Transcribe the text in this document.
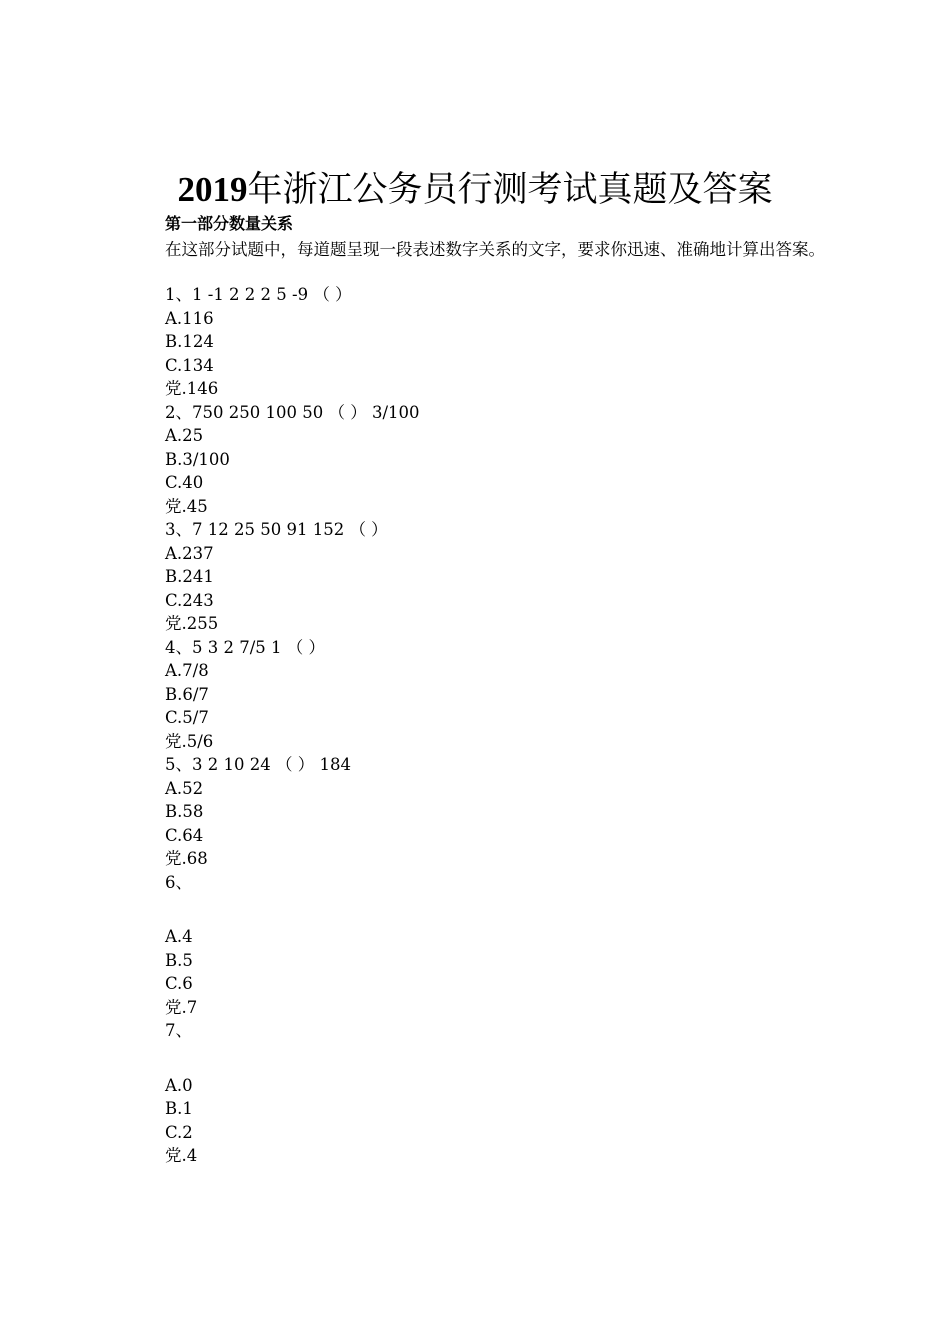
2019年浙江公务员行测考试真题及答案
第一部分数量关系
在这部分试题中，每道题呈现一段表述数字关系的文字，要求你迅速、准确地计算出答案。
1、1 -1 2 2 2 5 -9 （ ）
A.116
B.124
C.134
党.146
2、750 250 100 50 （ ） 3/100
A.25
B.3/100
C.40
党.45
3、7 12 25 50 91 152 （ ）
A.237
B.241
C.243
党.255
4、5 3 2 7/5 1 （ ）
A.7/8
B.6/7
C.5/7
党.5/6
5、3 2 10 24 （ ） 184
A.52
B.58
C.64
党.68
6、
A.4
B.5
C.6
党.7
7、
A.0
B.1
C.2
党.4
